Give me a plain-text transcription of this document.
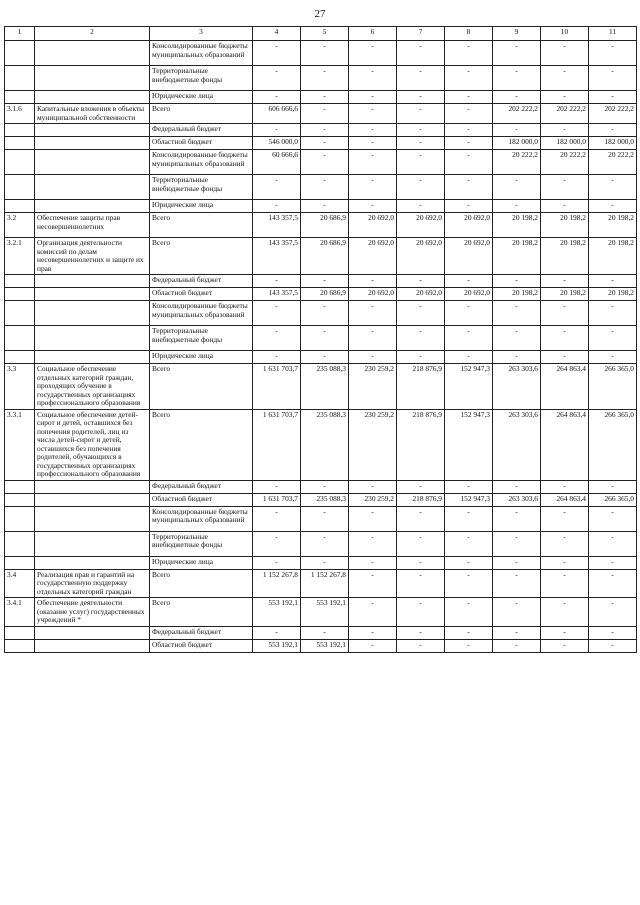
27
1	2	3	4	5	6	7	8	9	10	11
		Консолидированные бюджеты муниципальных образований	-	-	-	-	-	-	-	-
		Территориальные внебюджетные фонды	-	-	-	-	-	-	-	-
		Юридические лица	-	-	-	-	-	-	-	-
3.1.6	Капитальные вложения в объекты муниципальной собственности	Всего	606 666,6	-	-	-	-	202 222,2	202 222,2	202 222,2
		Федеральный бюджет	-	-	-	-	-	-	-	-
		Областной бюджет	546 000,0	-	-	-	-	182 000,0	182 000,0	182 000,0
		Консолидированные бюджеты муниципальных образований	60 666,6	-	-	-	-	20 222,2	20 222,2	20 222,2
		Территориальные внебюджетные фонды	-	-	-	-	-	-	-	-
		Юридические лица	-	-	-	-	-	-	-	-
3.2	Обеспечение защиты прав несовершеннолетних	Всего	143 357,5	20 686,9	20 692,0	20 692,0	20 692,0	20 198,2	20 198,2	20 198,2
3.2.1	Организация деятельности комиссий по делам несовершеннолетних и защите их прав	Всего	143 357,5	20 686,9	20 692,0	20 692,0	20 692,0	20 198,2	20 198,2	20 198,2
		Федеральный бюджет	-	-	-	-	-	-	-	-
		Областной бюджет	143 357,5	20 686,9	20 692,0	20 692,0	20 692,0	20 198,2	20 198,2	20 198,2
		Консолидированные бюджеты муниципальных образований	-	-	-	-	-	-	-	-
		Территориальные внебюджетные фонды	-	-	-	-	-	-	-	-
		Юридические лица	-	-	-	-	-	-	-	-
3.3	Социальное обеспечение отдельных категорий граждан, проходящих обучение в государственных организациях профессионального образования	Всего	1 631 703,7	235 088,3	230 259,2	218 876,9	152 947,3	263 303,6	264 863,4	266 365,0
3.3.1	Социальное обеспечение детей-сирот и детей, оставшихся без попечения родителей, лиц из числа детей-сирот и детей, оставшихся без попечения родителей, обучающихся в государственных организациях профессионального образования	Всего	1 631 703,7	235 088,3	230 259,2	218 876,9	152 947,3	263 303,6	264 863,4	266 365,0
		Федеральный бюджет	-	-	-	-	-	-	-	-
		Областной бюджет	1 631 703,7	235 088,3	230 259,2	218 876,9	152 947,3	263 303,6	264 863,4	266 365,0
		Консолидированные бюджеты муниципальных образований	-	-	-	-	-	-	-	-
		Территориальные внебюджетные фонды	-	-	-	-	-	-	-	-
		Юридические лица	-	-	-	-	-	-	-	-
3.4	Реализация прав и гарантий на государственную поддержку отдельных категорий граждан	Всего	1 152 267,8	1 152 267,8	-	-	-	-	-	-
3.4.1	Обеспечение деятельности (оказание услуг) государственных учреждений *	Всего	553 192,1	553 192,1	-	-	-	-	-	-
		Федеральный бюджет	-	-	-	-	-	-	-	-
		Областной бюджет	553 192,1	553 192,1	-	-	-	-	-	-
